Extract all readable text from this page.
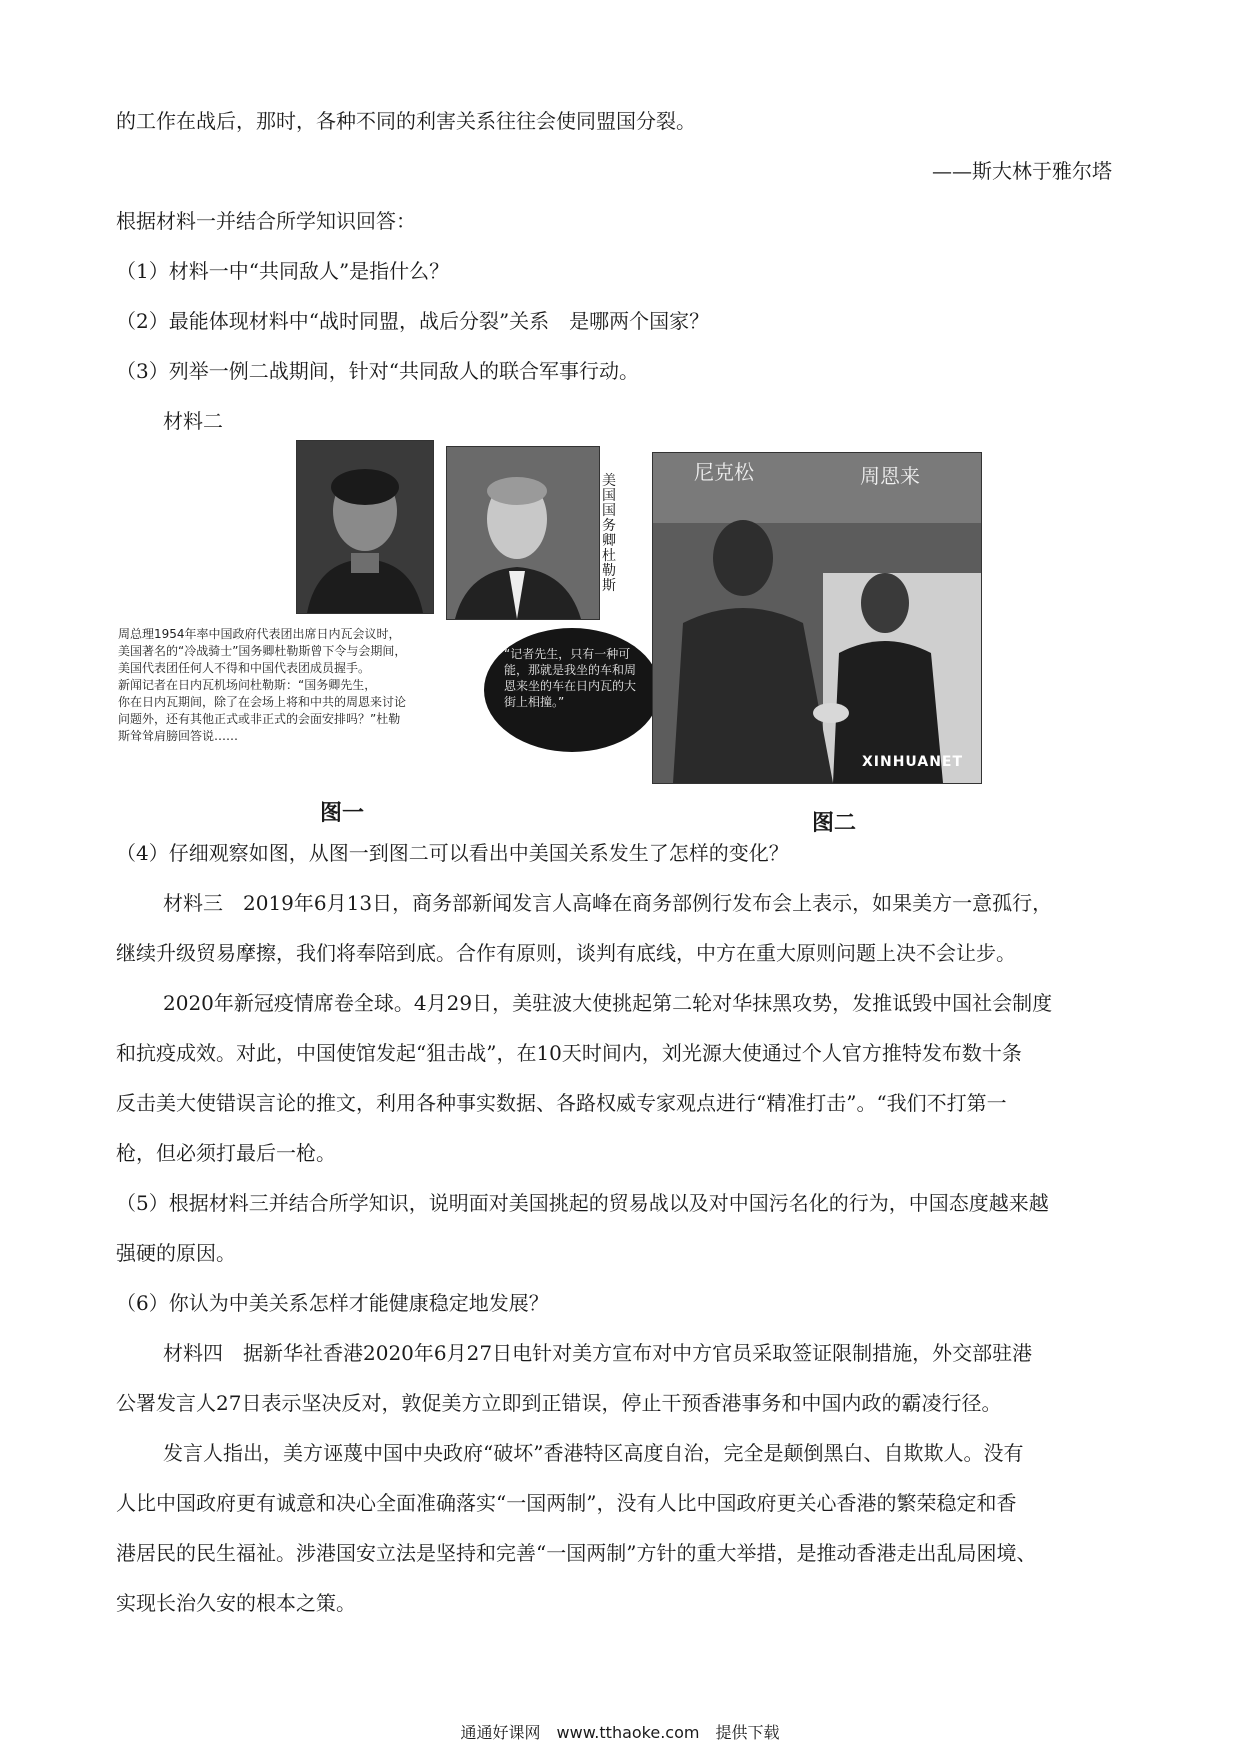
的工作在战后，那时，各种不同的利害关系往往会使同盟国分裂。
——斯大林于雅尔塔
根据材料一并结合所学知识回答：
（1）材料一中“共同敌人”是指什么？
（2）最能体现材料中“战时同盟，战后分裂”关系　是哪两个国家？
（3）列举一例二战期间，针对“共同敌人的联合军事行动。
材料二
美国国务卿杜勒斯
周总理1954年率中国政府代表团出席日内瓦会议时，
美国著名的“冷战骑士”国务卿杜勒斯曾下令与会期间，
美国代表团任何人不得和中国代表团成员握手。
新闻记者在日内瓦机场问杜勒斯：“国务卿先生，
你在日内瓦期间，除了在会场上将和中共的周恩来讨论
问题外，还有其他正式或非正式的会面安排吗？”杜勒
斯耸耸肩膀回答说……
“记者先生，只有一种可能，那就是我坐的车和周恩来坐的车在日内瓦的大街上相撞。”
图一
尼克松	周恩来
XINHUANET
图二
（4）仔细观察如图，从图一到图二可以看出中美国关系发生了怎样的变化？
材料三　2019年6月13日，商务部新闻发言人高峰在商务部例行发布会上表示，如果美方一意孤行，
继续升级贸易摩擦，我们将奉陪到底。合作有原则，谈判有底线，中方在重大原则问题上决不会让步。
2020年新冠疫情席卷全球。4月29日，美驻波大使挑起第二轮对华抹黑攻势，发推诋毁中国社会制度
和抗疫成效。对此，中国使馆发起“狙击战”，在10天时间内，刘光源大使通过个人官方推特发布数十条
反击美大使错误言论的推文，利用各种事实数据、各路权威专家观点进行“精准打击”。“我们不打第一
枪，但必须打最后一枪。
（5）根据材料三并结合所学知识，说明面对美国挑起的贸易战以及对中国污名化的行为，中国态度越来越
强硬的原因。
（6）你认为中美关系怎样才能健康稳定地发展？
材料四　据新华社香港2020年6月27日电针对美方宣布对中方官员采取签证限制措施，外交部驻港
公署发言人27日表示坚决反对，敦促美方立即到正错误，停止干预香港事务和中国内政的霸凌行径。
发言人指出，美方诬蔑中国中央政府“破坏”香港特区高度自治，完全是颠倒黑白、自欺欺人。没有
人比中国政府更有诚意和决心全面准确落实“一国两制”，没有人比中国政府更关心香港的繁荣稳定和香
港居民的民生福祉。涉港国安立法是坚持和完善“一国两制”方针的重大举措，是推动香港走出乱局困境、
实现长治久安的根本之策。
通通好课网　www.tthaoke.com　提供下载
